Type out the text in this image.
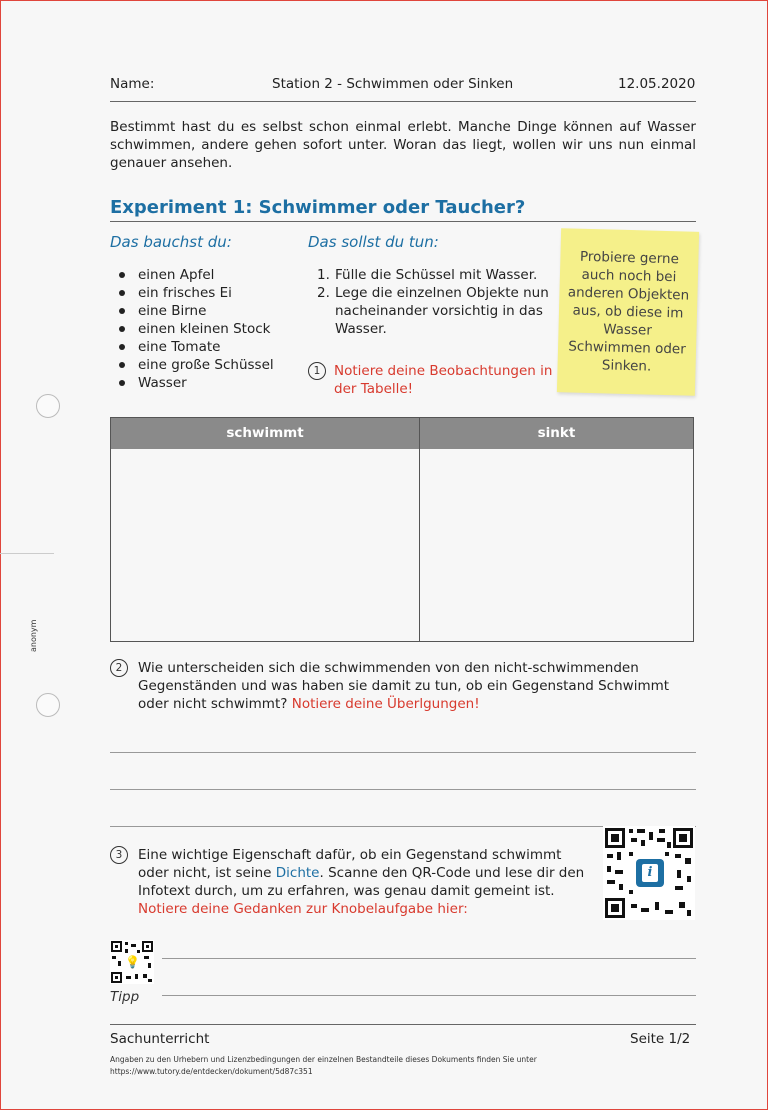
anonym
Name:	Station 2 - Schwimmen oder Sinken	12.05.2020
Bestimmt hast du es selbst schon einmal erlebt. Manche Dinge können auf Wasser schwimmen, andere gehen sofort unter. Woran das liegt, wollen wir uns nun einmal genauer ansehen.
Experiment 1: Schwimmer oder Taucher?
Das bauchst du:	Das sollst du tun:
einen Apfel
ein frisches Ei
eine Birne
einen kleinen Stock
eine Tomate
eine große Schüssel
Wasser
1. Fülle die Schüssel mit Wasser.
2. Lege die einzelnen Objekte nun nacheinander vorsichtig in das Wasser.
1	Notiere deine Beobachtungen in der Tabelle!
Probiere gerne auch noch bei anderen Objekten aus, ob diese im Wasser Schwimmen oder Sinken.
schwimmt	sinkt
2	Wie unterscheiden sich die schwimmenden von den nicht-schwimmenden Gegenständen und was haben sie damit zu tun, ob ein Gegenstand Schwimmt oder nicht schwimmt? Notiere deine Überlgungen!
3	Eine wichtige Eigenschaft dafür, ob ein Gegenstand schwimmt oder nicht, ist seine Dichte. Scanne den QR-Code und lese dir den Infotext durch, um zu erfahren, was genau damit gemeint ist. Notiere deine Gedanken zur Knobelaufgabe hier:
i
💡
Tipp
Sachunterricht	Seite 1/2
Angaben zu den Urhebern und Lizenzbedingungen der einzelnen Bestandteile dieses Dokuments finden Sie unter
https://www.tutory.de/entdecken/dokument/5d87c351
